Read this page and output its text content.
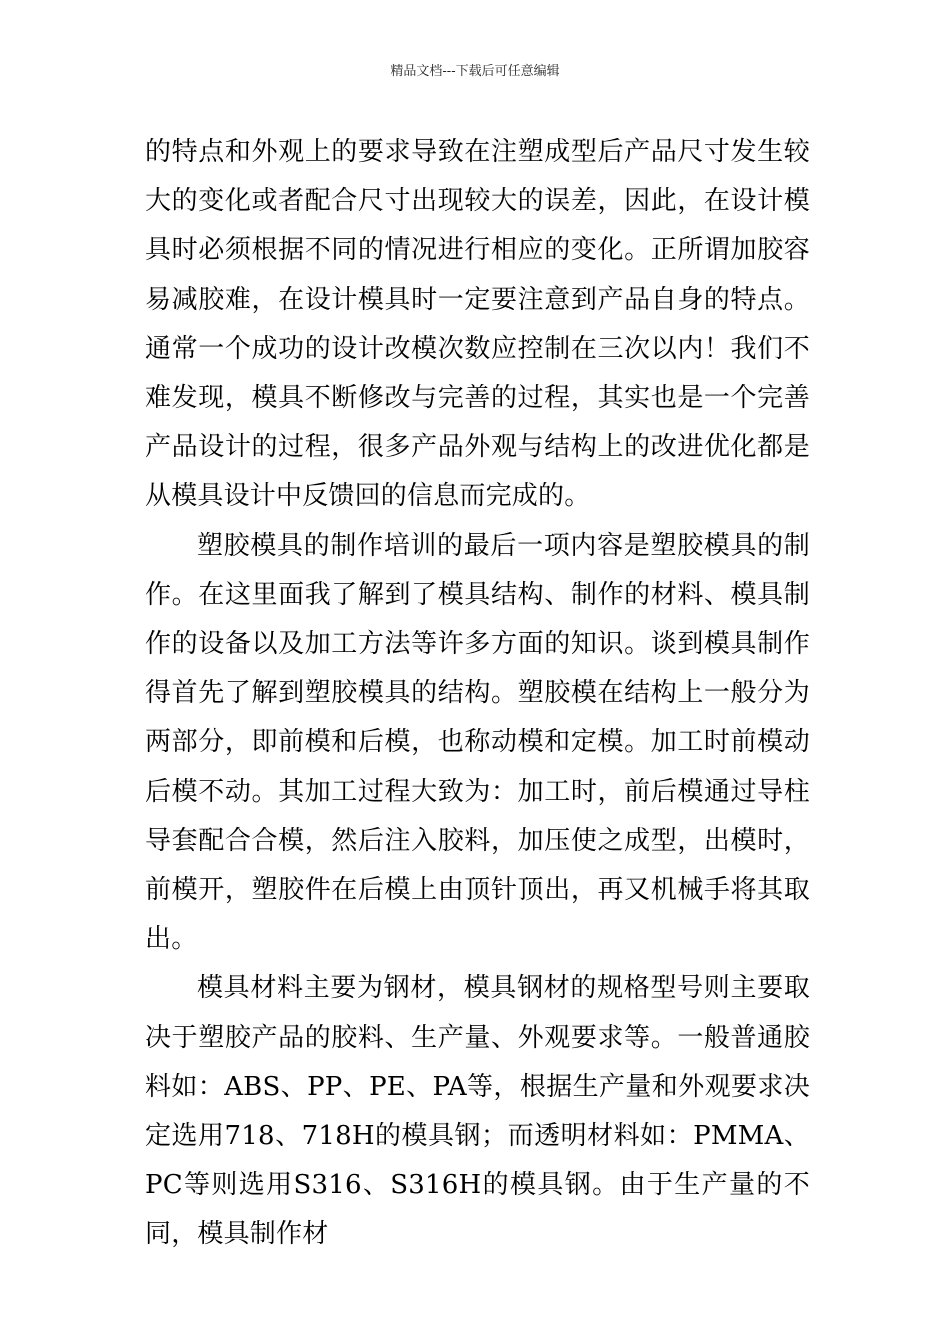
精品文档---下载后可任意编辑

的特点和外观上的要求导致在注塑成型后产品尺寸发生较大的变化或者配合尺寸出现较大的误差，因此，在设计模具时必须根据不同的情况进行相应的变化。正所谓加胶容易减胶难，在设计模具时一定要注意到产品自身的特点。通常一个成功的设计改模次数应控制在三次以内！我们不难发现，模具不断修改与完善的过程，其实也是一个完善产品设计的过程，很多产品外观与结构上的改进优化都是从模具设计中反馈回的信息而完成的。

塑胶模具的制作培训的最后一项内容是塑胶模具的制作。在这里面我了解到了模具结构、制作的材料、模具制作的设备以及加工方法等许多方面的知识。谈到模具制作得首先了解到塑胶模具的结构。塑胶模在结构上一般分为两部分，即前模和后模，也称动模和定模。加工时前模动后模不动。其加工过程大致为：加工时，前后模通过导柱导套配合合模，然后注入胶料，加压使之成型，出模时，前模开，塑胶件在后模上由顶针顶出，再又机械手将其取出。

模具材料主要为钢材，模具钢材的规格型号则主要取决于塑胶产品的胶料、生产量、外观要求等。一般普通胶料如：ABS、PP、PE、PA等，根据生产量和外观要求决定选用718、718H的模具钢；而透明材料如：PMMA、PC等则选用S316、S316H的模具钢。由于生产量的不同，模具制作材
